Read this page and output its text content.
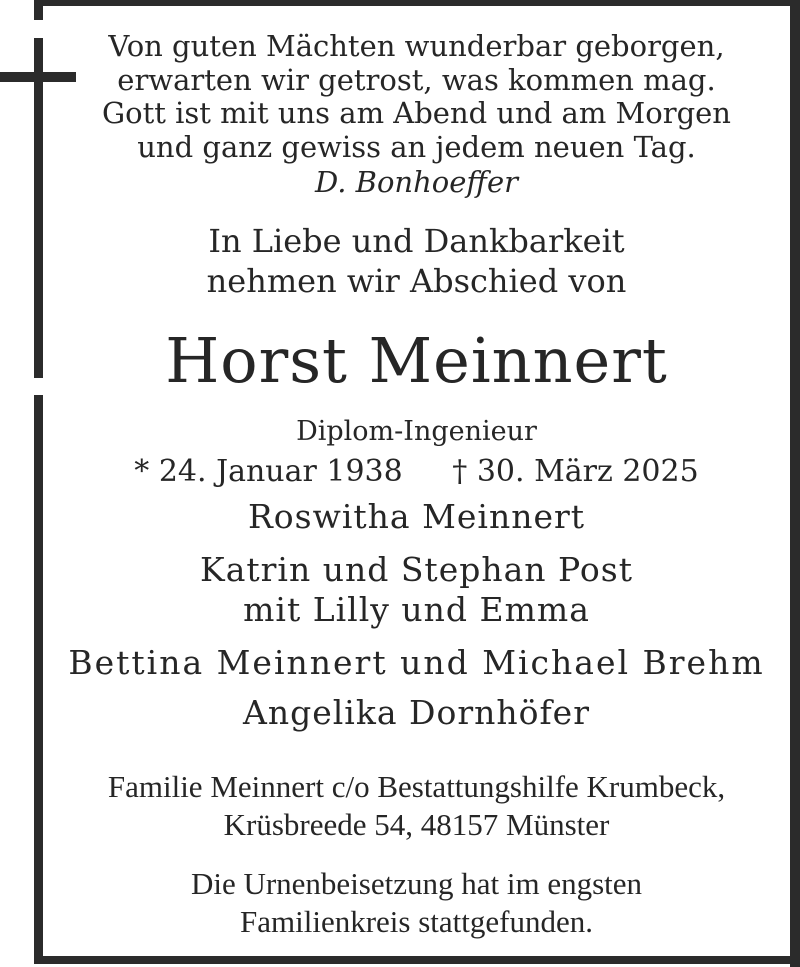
Von guten Mächten wunderbar geborgen,
erwarten wir getrost, was kommen mag.
Gott ist mit uns am Abend und am Morgen
und ganz gewiss an jedem neuen Tag.
D. Bonhoeffer
In Liebe und Dankbarkeit
nehmen wir Abschied von
Horst Meinnert
Diplom-Ingenieur
* 24. Januar 1938 † 30. März 2025
Roswitha Meinnert
Katrin und Stephan Post
mit Lilly und Emma
Bettina Meinnert und Michael Brehm
Angelika Dornhöfer
Familie Meinnert c/o Bestattungshilfe Krumbeck,
Krüsbreede 54, 48157 Münster
Die Urnenbeisetzung hat im engsten
Familienkreis stattgefunden.
